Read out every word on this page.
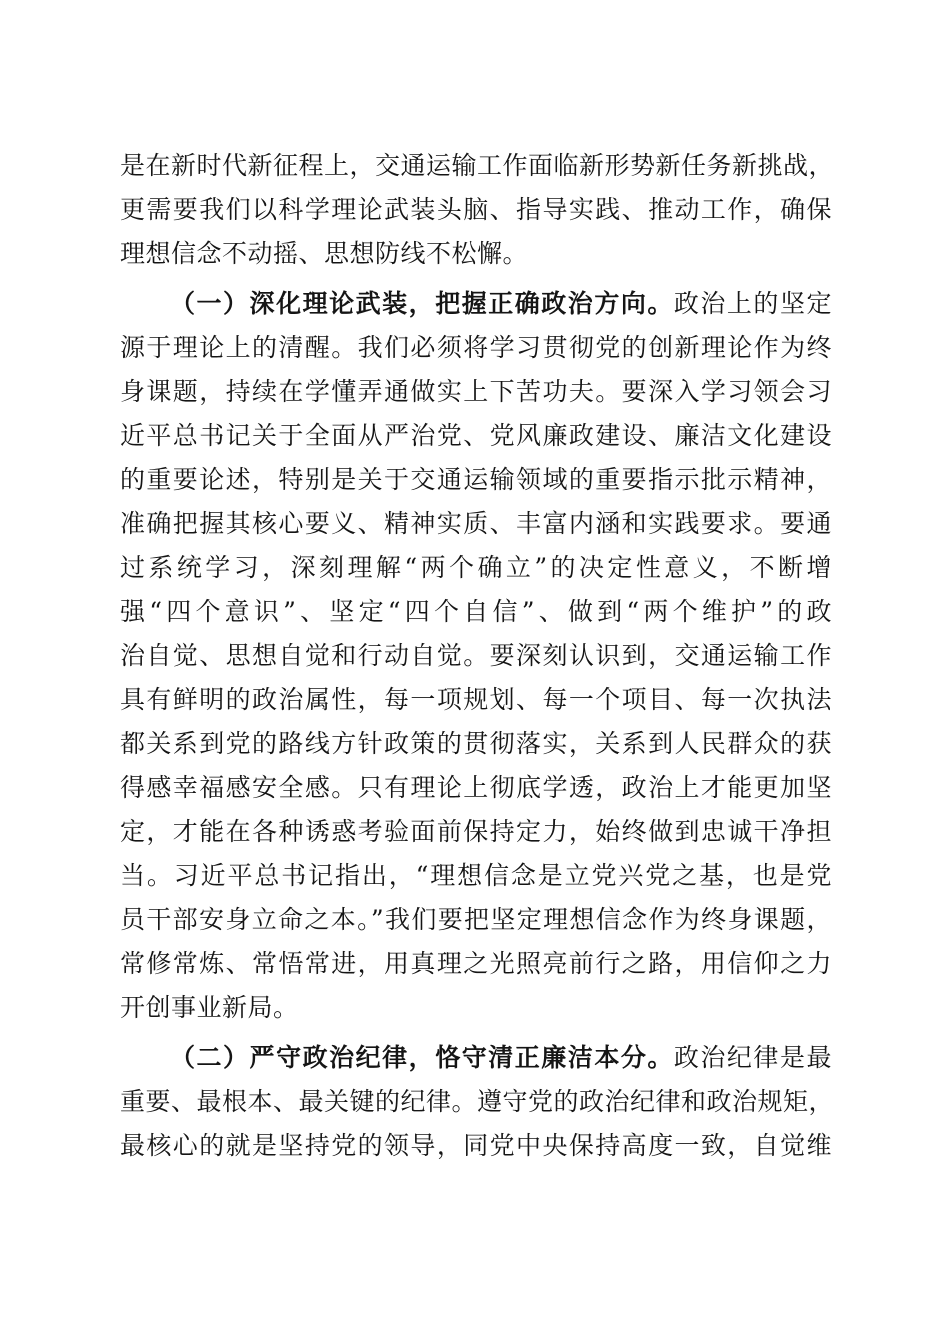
是在新时代新征程上，交通运输工作面临新形势新任务新挑战，
更需要我们以科学理论武装头脑、指导实践、推动工作，确保
理想信念不动摇、思想防线不松懈。
（一）深化理论武装，把握正确政治方向。政治上的坚定
源于理论上的清醒。我们必须将学习贯彻党的创新理论作为终
身课题，持续在学懂弄通做实上下苦功夫。要深入学习领会习
近平总书记关于全面从严治党、党风廉政建设、廉洁文化建设
的重要论述，特别是关于交通运输领域的重要指示批示精神，
准确把握其核心要义、精神实质、丰富内涵和实践要求。要通
过系统学习，深刻理解“两个确立”的决定性意义，不断增
强“四个意识”、坚定“四个自信”、做到“两个维护”的政
治自觉、思想自觉和行动自觉。要深刻认识到，交通运输工作
具有鲜明的政治属性，每一项规划、每一个项目、每一次执法
都关系到党的路线方针政策的贯彻落实，关系到人民群众的获
得感幸福感安全感。只有理论上彻底学透，政治上才能更加坚
定，才能在各种诱惑考验面前保持定力，始终做到忠诚干净担
当。习近平总书记指出，“理想信念是立党兴党之基，也是党
员干部安身立命之本。”我们要把坚定理想信念作为终身课题，
常修常炼、常悟常进，用真理之光照亮前行之路，用信仰之力
开创事业新局。
（二）严守政治纪律，恪守清正廉洁本分。政治纪律是最
重要、最根本、最关键的纪律。遵守党的政治纪律和政治规矩，
最核心的就是坚持党的领导，同党中央保持高度一致，自觉维
